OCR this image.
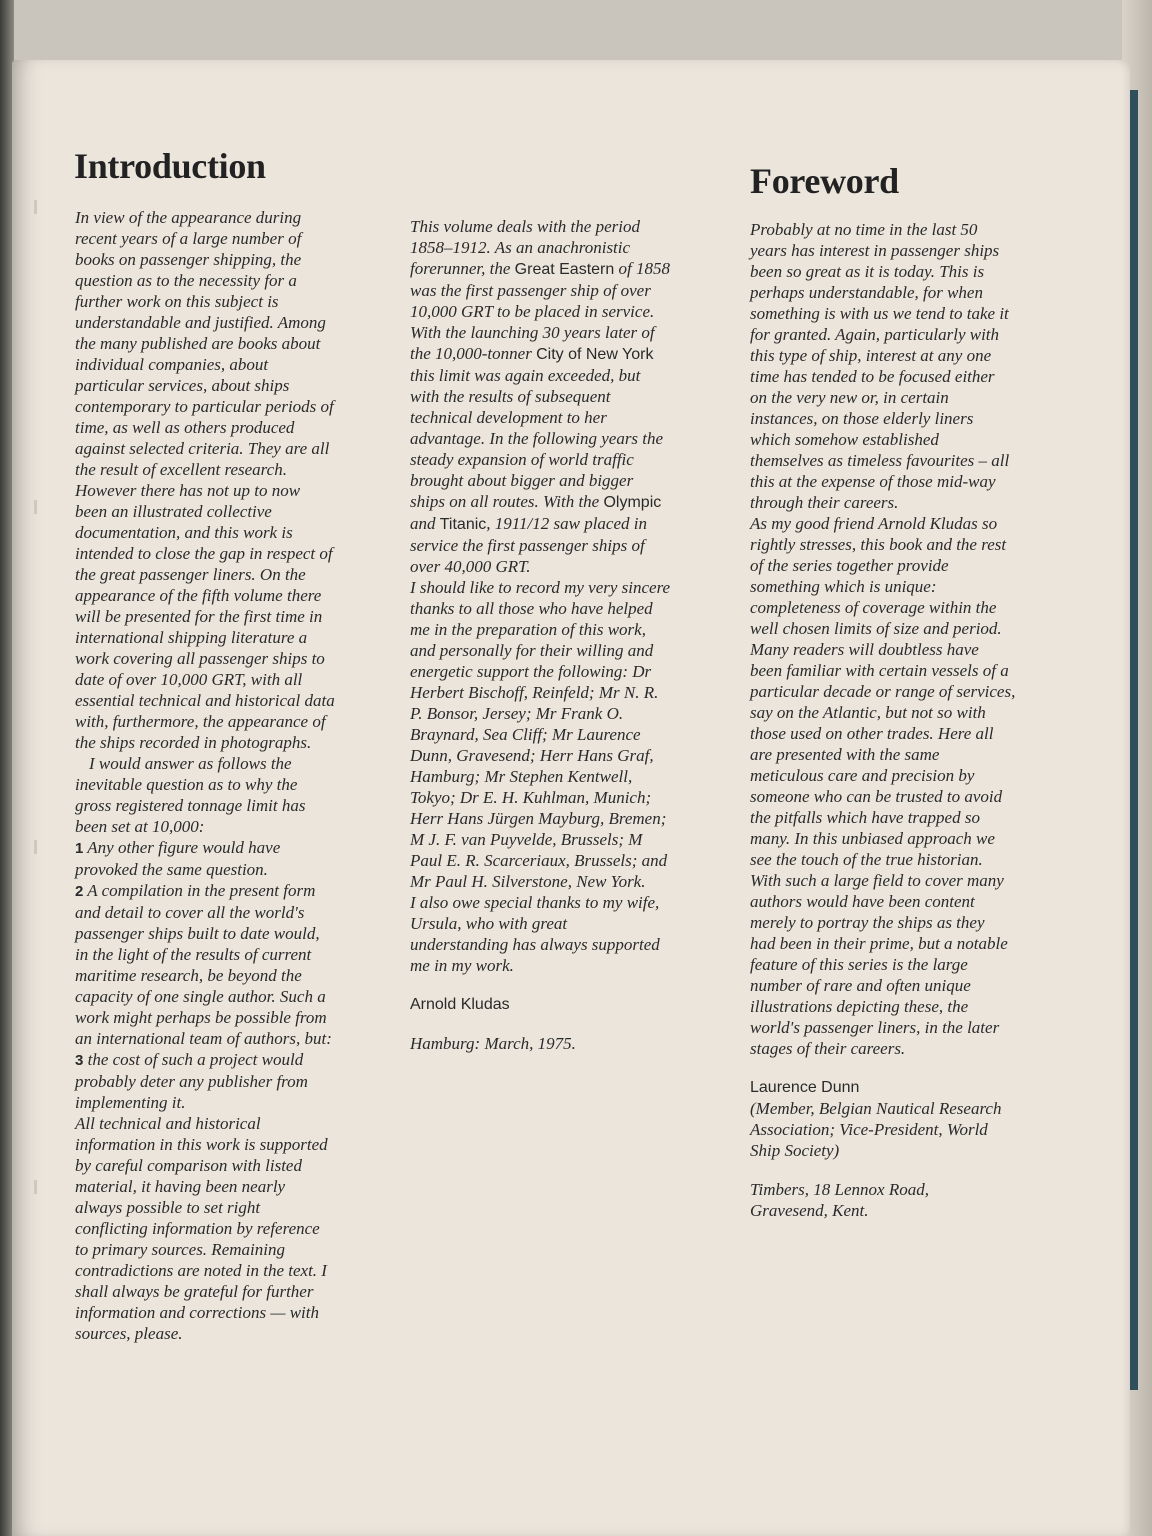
Introduction
In view of the appearance during
recent years of a large number of
books on passenger shipping, the
question as to the necessity for a
further work on this subject is
understandable and justified. Among
the many published are books about
individual companies, about
particular services, about ships
contemporary to particular periods of
time, as well as others produced
against selected criteria. They are all
the result of excellent research.
However there has not up to now
been an illustrated collective
documentation, and this work is
intended to close the gap in respect of
the great passenger liners. On the
appearance of the fifth volume there
will be presented for the first time in
international shipping literature a
work covering all passenger ships to
date of over 10,000 GRT, with all
essential technical and historical data
with, furthermore, the appearance of
the ships recorded in photographs.
I would answer as follows the
inevitable question as to why the
gross registered tonnage limit has
been set at 10,000:
1 Any other figure would have
provoked the same question.
2 A compilation in the present form
and detail to cover all the world's
passenger ships built to date would,
in the light of the results of current
maritime research, be beyond the
capacity of one single author. Such a
work might perhaps be possible from
an international team of authors, but:
3 the cost of such a project would
probably deter any publisher from
implementing it.
All technical and historical
information in this work is supported
by careful comparison with listed
material, it having been nearly
always possible to set right
conflicting information by reference
to primary sources. Remaining
contradictions are noted in the text. I
shall always be grateful for further
information and corrections — with
sources, please.
This volume deals with the period
1858–1912. As an anachronistic
forerunner, the Great Eastern of 1858
was the first passenger ship of over
10,000 GRT to be placed in service.
With the launching 30 years later of
the 10,000-tonner City of New York
this limit was again exceeded, but
with the results of subsequent
technical development to her
advantage. In the following years the
steady expansion of world traffic
brought about bigger and bigger
ships on all routes. With the Olympic
and Titanic, 1911/12 saw placed in
service the first passenger ships of
over 40,000 GRT.
I should like to record my very sincere
thanks to all those who have helped
me in the preparation of this work,
and personally for their willing and
energetic support the following: Dr
Herbert Bischoff, Reinfeld; Mr N. R.
P. Bonsor, Jersey; Mr Frank O.
Braynard, Sea Cliff; Mr Laurence
Dunn, Gravesend; Herr Hans Graf,
Hamburg; Mr Stephen Kentwell,
Tokyo; Dr E. H. Kuhlman, Munich;
Herr Hans Jürgen Mayburg, Bremen;
M J. F. van Puyvelde, Brussels; M
Paul E. R. Scarceriaux, Brussels; and
Mr Paul H. Silverstone, New York.
I also owe special thanks to my wife,
Ursula, who with great
understanding has always supported
me in my work.
Arnold Kludas
Hamburg: March, 1975.
Foreword
Probably at no time in the last 50
years has interest in passenger ships
been so great as it is today. This is
perhaps understandable, for when
something is with us we tend to take it
for granted. Again, particularly with
this type of ship, interest at any one
time has tended to be focused either
on the very new or, in certain
instances, on those elderly liners
which somehow established
themselves as timeless favourites – all
this at the expense of those mid-way
through their careers.
As my good friend Arnold Kludas so
rightly stresses, this book and the rest
of the series together provide
something which is unique:
completeness of coverage within the
well chosen limits of size and period.
Many readers will doubtless have
been familiar with certain vessels of a
particular decade or range of services,
say on the Atlantic, but not so with
those used on other trades. Here all
are presented with the same
meticulous care and precision by
someone who can be trusted to avoid
the pitfalls which have trapped so
many. In this unbiased approach we
see the touch of the true historian.
With such a large field to cover many
authors would have been content
merely to portray the ships as they
had been in their prime, but a notable
feature of this series is the large
number of rare and often unique
illustrations depicting these, the
world's passenger liners, in the later
stages of their careers.
Laurence Dunn
(Member, Belgian Nautical Research
Association; Vice-President, World
Ship Society)
Timbers, 18 Lennox Road,
Gravesend, Kent.
